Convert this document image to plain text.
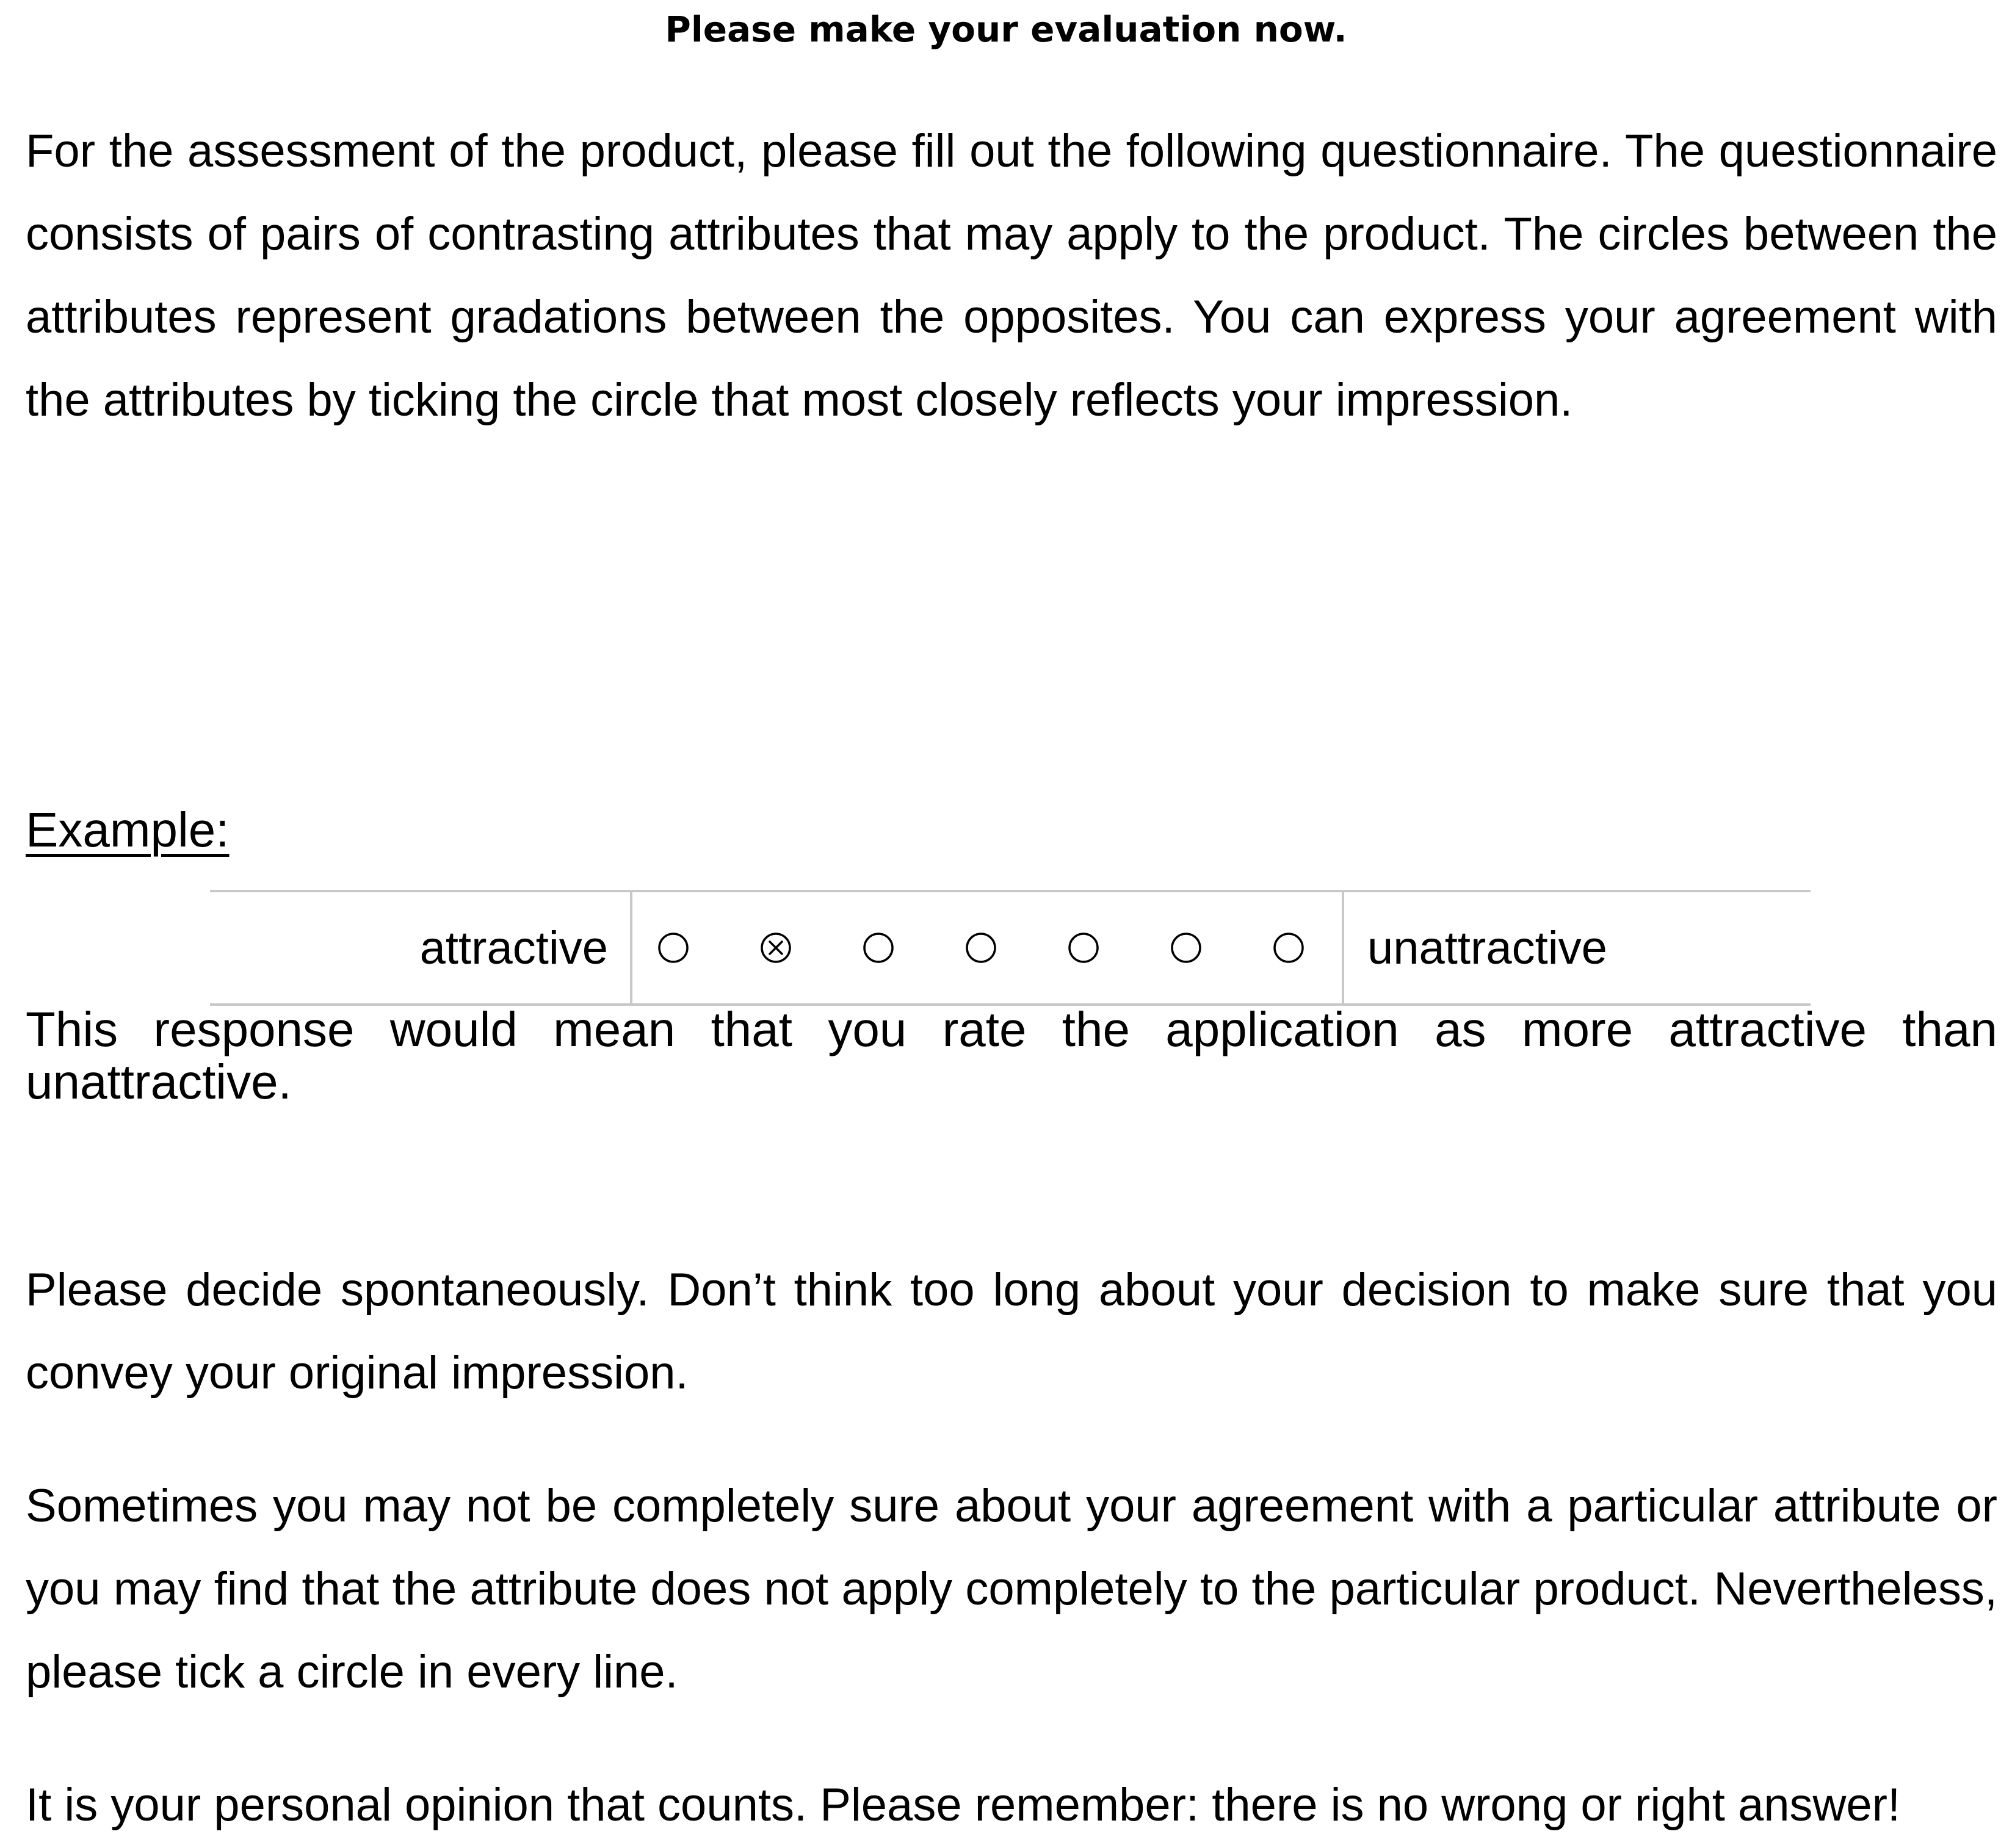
Please make your evaluation now.

For the assessment of the product, please fill out the following questionnaire. The questionnaire consists of pairs of contrasting attributes that may apply to the product. The circles between the attributes represent gradations between the opposites. You can express your agreement with the attributes by ticking the circle that most closely reflects your impression.

Example:
attractive	unattractive

This response would mean that you rate the application as more attractive than unattractive.

Please decide spontaneously. Don’t think too long about your decision to make sure that you convey your original impression.

Sometimes you may not be completely sure about your agreement with a particular attribute or you may find that the attribute does not apply completely to the particular product. Nevertheless, please tick a circle in every line.

It is your personal opinion that counts. Please remember: there is no wrong or right answer!
